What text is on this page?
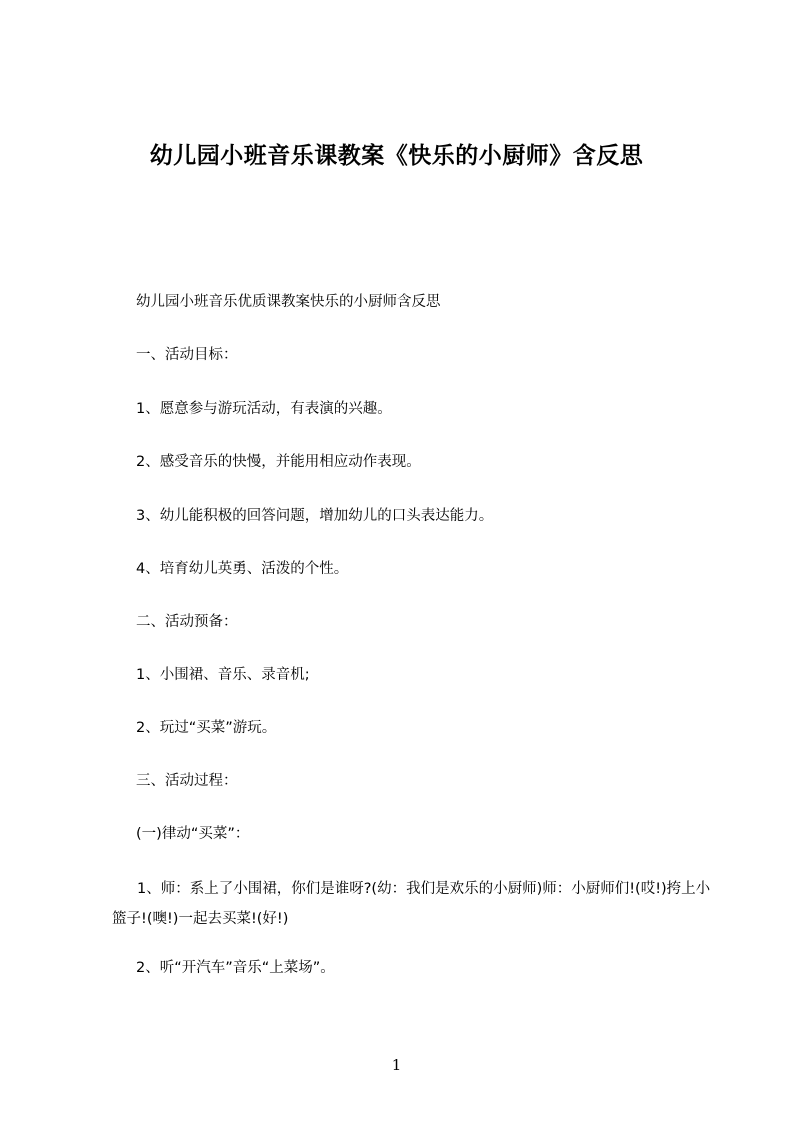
幼儿园小班音乐课教案《快乐的小厨师》含反思
幼儿园小班音乐优质课教案快乐的小厨师含反思
一、活动目标：
1、愿意参与游玩活动，有表演的兴趣。
2、感受音乐的快慢，并能用相应动作表现。
3、幼儿能积极的回答问题，增加幼儿的口头表达能力。
4、培育幼儿英勇、活泼的个性。
二、活动预备：
1、小围裙、音乐、录音机;
2、玩过“买菜”游玩。
三、活动过程：
(一)律动“买菜”：
1、师：系上了小围裙，你们是谁呀?(幼：我们是欢乐的小厨师)师：小厨师们!(哎!)挎上小篮子!(噢!)一起去买菜!(好!)
2、听“开汽车”音乐“上菜场”。
1
